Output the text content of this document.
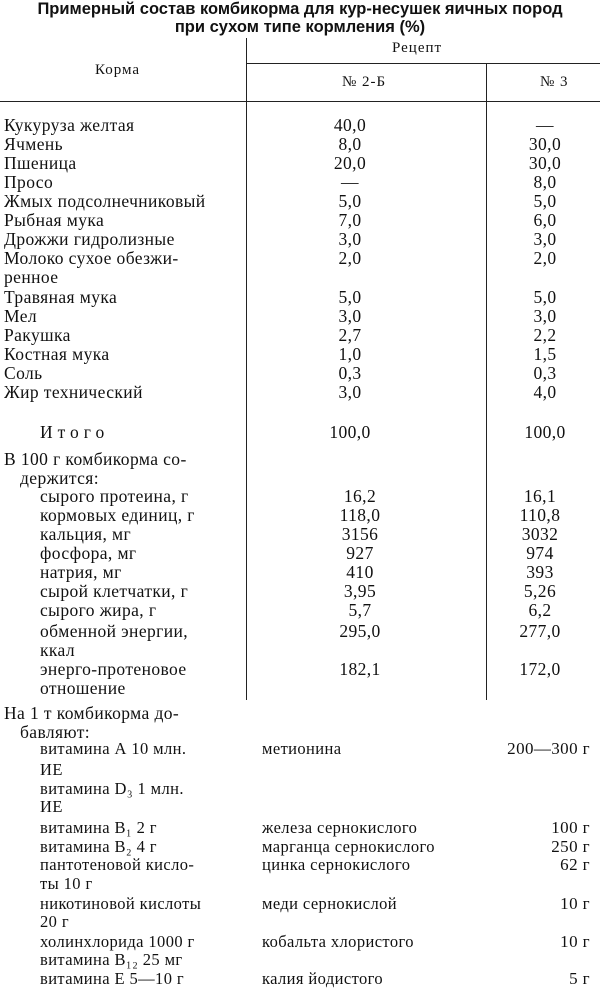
Примерный состав комбикорма для кур-несушек яичных пород
при сухом типе кормления (%)
Корма
Рецепт
№ 2-Б	№ 3
Кукуруза желтая	40,0	—
Ячмень	8,0	30,0
Пшеница	20,0	30,0
Просо	—	8,0
Жмых подсолнечниковый	5,0	5,0
Рыбная мука	7,0	6,0
Дрожжи гидролизные	3,0	3,0
Молоко сухое обезжи-	2,0	2,0
ренное
Травяная мука	5,0	5,0
Мел	3,0	3,0
Ракушка	2,7	2,2
Костная мука	1,0	1,5
Соль	0,3	0,3
Жир технический	3,0	4,0
Итого	100,0	100,0
В 100 г комбикорма со-
держится:
сырого протеина, г	16,2	16,1
кормовых единиц, г	118,0	110,8
кальция, мг	3156	3032
фосфора, мг	927	974
натрия, мг	410	393
сырой клетчатки, г	3,95	5,26
сырого жира, г	5,7	6,2
обменной энергии,	295,0	277,0
ккал
энерго-протеновое	182,1	172,0
отношение
На 1 т комбикорма до-
бавляют:
витамина А 10 млн.	метионина	200—300 г
ИЕ
витамина D₃ 1 млн.
ИЕ
витамина B₁ 2 г	железа сернокислого	100 г
витамина B₂ 4 г	марганца сернокислого	250 г
пантотеновой кисло-	цинка сернокислого	62 г
ты 10 г
никотиновой кислоты	меди сернокислой	10 г
20 г
холинхлорида 1000 г	кобальта хлористого	10 г
витамина B₁₂ 25 мг
витамина Е 5—10 г	калия йодистого	5 г
